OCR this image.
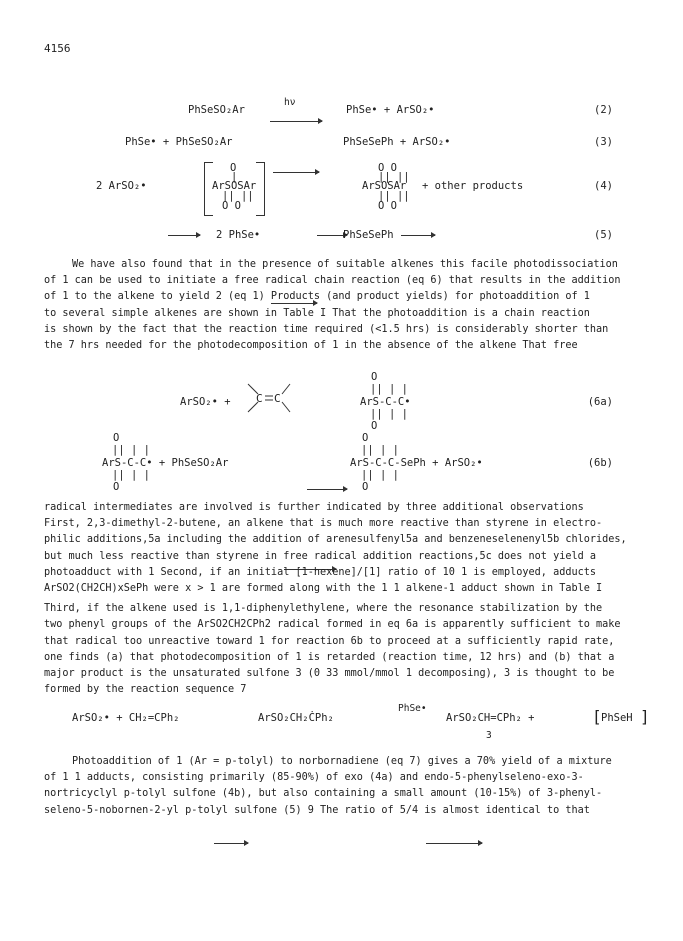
4156
PhSeSO₂Ar
hν
PhSe• + ArSO₂•	(2)
PhSe• + PhSeSO₂Ar	PhSeSePh + ArSO₂•	(3)
2 ArSO₂•

O
|
ArSOSAr
|| ||
O O

O O
|| ||
ArSOSAr
|| ||
O O
+ other products	(4)
2 PhSe•	PhSeSePh	(5)
We have also found that in the presence of suitable alkenes this facile photodissociation
of 1 can be used to initiate a free radical chain reaction (eq 6) that results in the addition
of 1 to the alkene to yield 2 (eq 1) Products (and product yields) for photoaddition of 1
to several simple alkenes are shown in Table I That the photoaddition is a chain reaction
is shown by the fact that the reaction time required (<1.5 hrs) is considerably shorter than
the 7 hrs needed for the photodecomposition of 1 in the absence of the alkene That free
ArSO₂• + C C
O
|| | |
ArS-C-C•
|| | |
O
(6a)
O
|| | |
ArS-C-C• + PhSeSO₂Ar
|| | |
O
O
|| | |
ArS-C-C-SePh + ArSO₂•
|| | |
O
(6b)
radical intermediates are involved is further indicated by three additional observations
First, 2,3-dimethyl-2-butene, an alkene that is much more reactive than styrene in electro-
philic additions,5a including the addition of arenesulfenyl5a and benzeneselenenyl5b chlorides,
but much less reactive than styrene in free radical addition reactions,5c does not yield a
photoadduct with 1 Second, if an initial [1-hexene]/[1] ratio of 10 1 is employed, adducts
ArSO2(CH2CH)xSePh were x > 1 are formed along with the 1 1 alkene-1 adduct shown in Table I
Third, if the alkene used is 1,1-diphenylethylene, where the resonance stabilization by the
two phenyl groups of the ArSO2CH2CPh2 radical formed in eq 6a is apparently sufficient to make
that radical too unreactive toward 1 for reaction 6b to proceed at a sufficiently rapid rate,
one finds (a) that photodecomposition of 1 is retarded (reaction time, 12 hrs) and (b) that a
major product is the unsaturated sulfone 3 (0 33 mmol/mmol 1 decomposing), 3 is thought to be
formed by the reaction sequence 7
ArSO₂• + CH₂=CPh₂
	ArSO₂CH₂ĊPh₂
PhSe•
ArSO₂CH=CPh₂ +	[ PhSeH ]
3
Photoaddition of 1 (Ar = p-tolyl) to norbornadiene (eq 7) gives a 70% yield of a mixture
of 1 1 adducts, consisting primarily (85-90%) of exo (4a) and endo-5-phenylseleno-exo-3-
nortricyclyl p-tolyl sulfone (4b), but also containing a small amount (10-15%) of 3-phenyl-
seleno-5-nobornen-2-yl p-tolyl sulfone (5) 9 The ratio of 5/4 is almost identical to that
